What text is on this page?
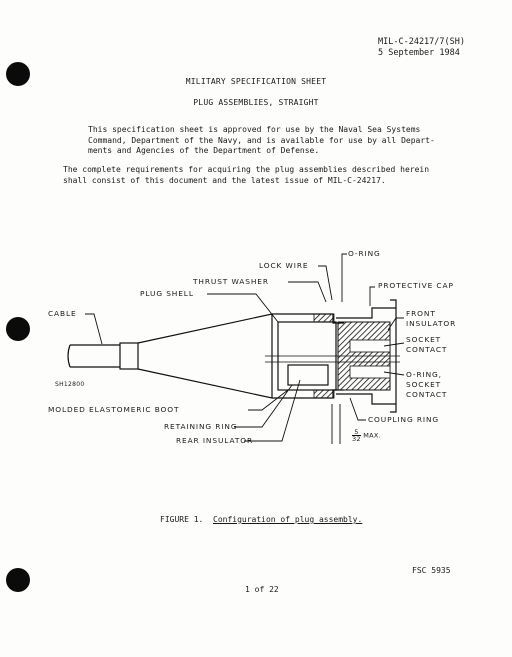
MIL-C-24217/7(SH)
5 September 1984
MILITARY SPECIFICATION SHEET
PLUG ASSEMBLIES, STRAIGHT
This specification sheet is approved for use by the Naval Sea Systems
Command, Department of the Navy, and is available for use by all Depart-
ments and Agencies of the Department of Defense.
The complete requirements for acquiring the plug assemblies described herein
shall consist of this document and the latest issue of MIL-C-24217.
O-RING
LOCK WIRE
THRUST WASHER	PROTECTIVE CAP
PLUG SHELL
CABLE	FRONT
INSULATOR
SOCKET
CONTACT
O-RING,
SOCKET
CONTACT
SH12800
MOLDED ELASTOMERIC BOOT
COUPLING RING
RETAINING RING
REAR INSULATOR	$\frac{5}{32}$ MAX.
FIGURE 1. Configuration of plug assembly.
FSC 5935
1 of 22
